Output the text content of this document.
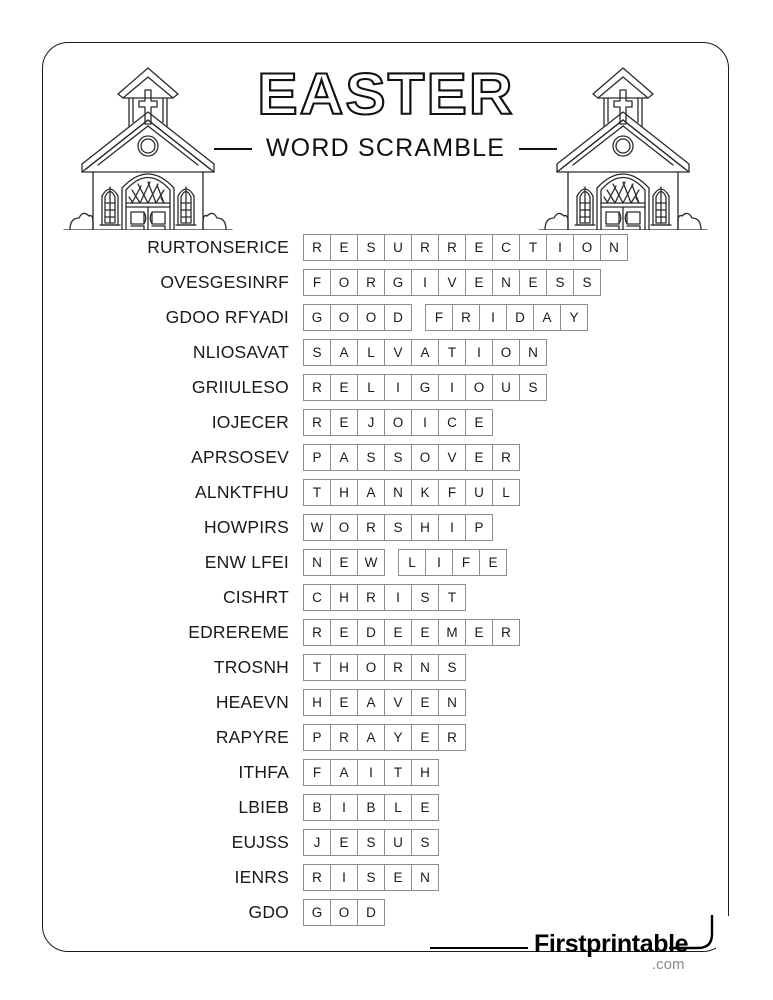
EASTER
WORD SCRAMBLE
RURTONSERICE	R	E	S	U	R	R	E	C	T	I	O	N
OVESGESINRF	F	O	R	G	I	V	E	N	E	S	S
GDOO RFYADI	G	O	O	D	F	R	I	D	A	Y
NLIOSAVAT	S	A	L	V	A	T	I	O	N
GRIIULESO	R	E	L	I	G	I	O	U	S
IOJECER	R	E	J	O	I	C	E
APRSOSEV	P	A	S	S	O	V	E	R
ALNKTFHU	T	H	A	N	K	F	U	L
HOWPIRS	W	O	R	S	H	I	P
ENW LFEI	N	E	W	L	I	F	E
CISHRT	C	H	R	I	S	T
EDREREME	R	E	D	E	E	M	E	R
TROSNH	T	H	O	R	N	S
HEAEVN	H	E	A	V	E	N
RAPYRE	P	R	A	Y	E	R
ITHFA	F	A	I	T	H
LBIEB	B	I	B	L	E
EUJSS	J	E	S	U	S
IENRS	R	I	S	E	N
GDO	G	O	D
Firstprintable
.com
